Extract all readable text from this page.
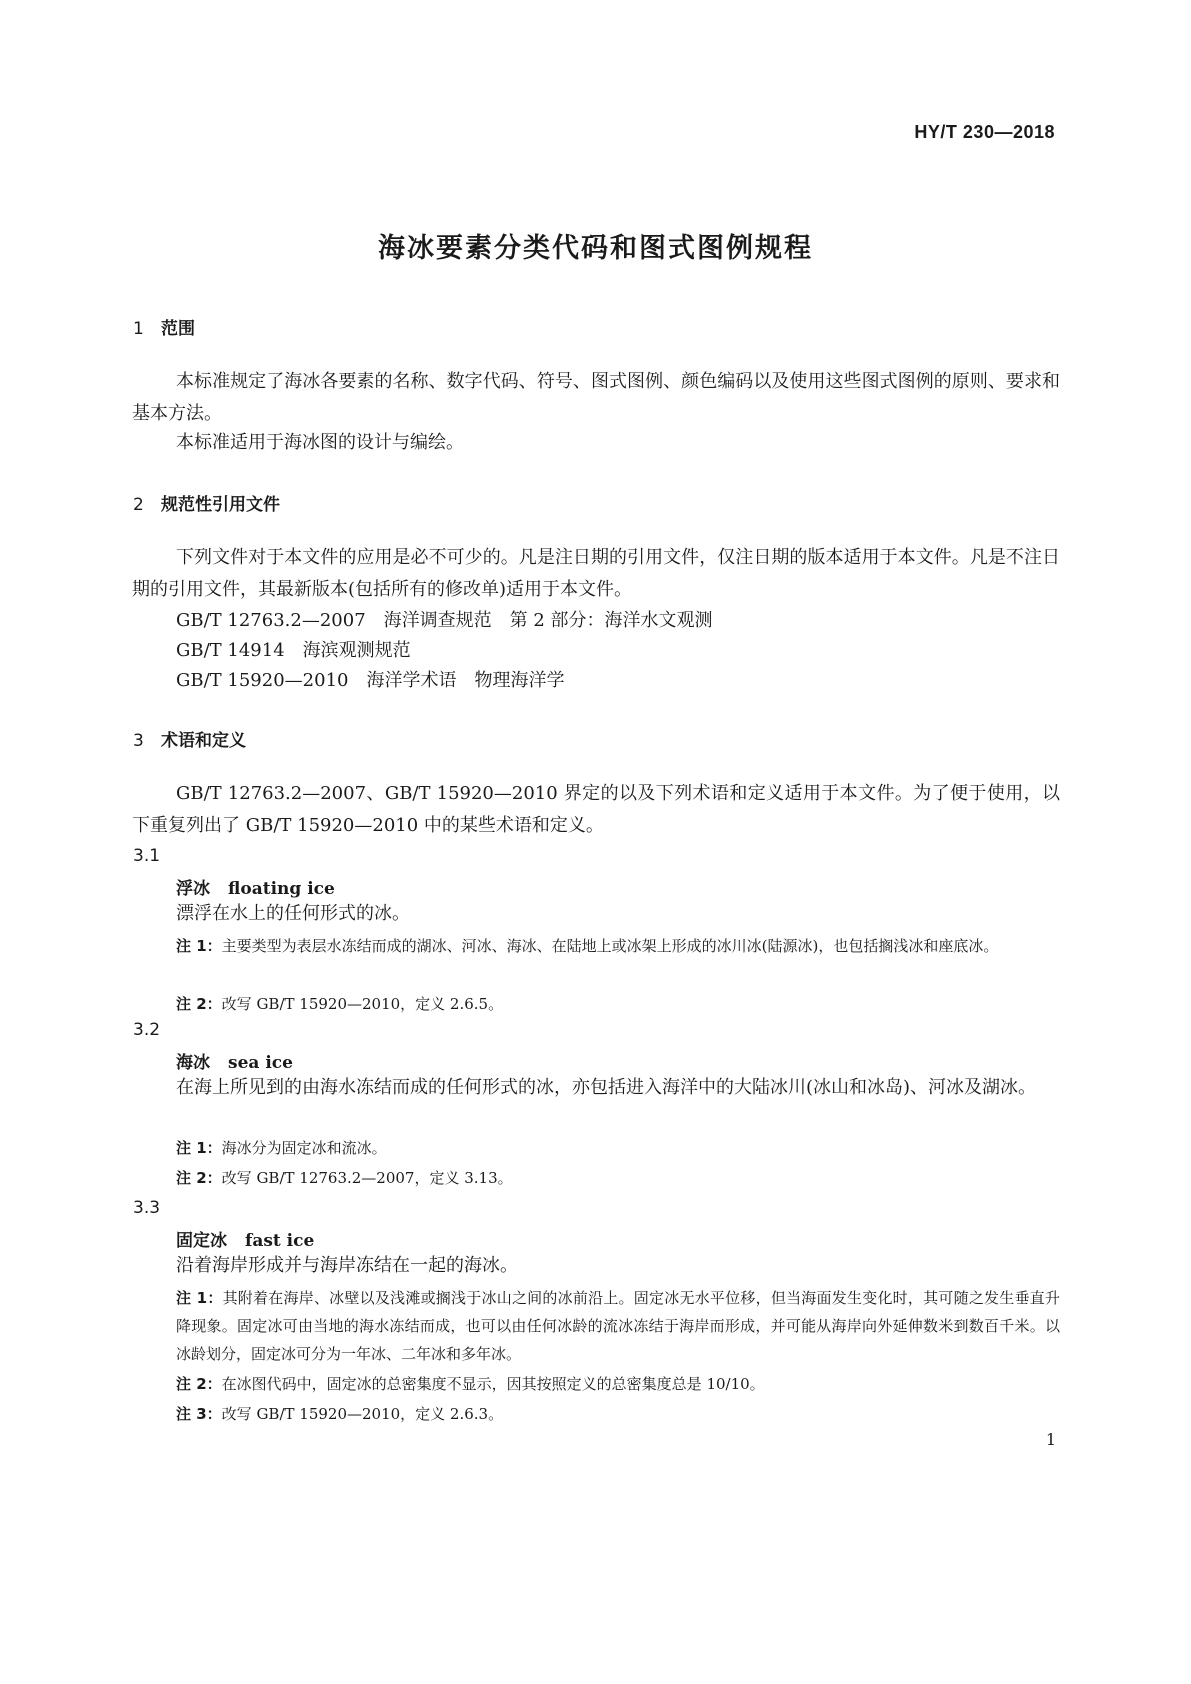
HY/T 230—2018
海冰要素分类代码和图式图例规程
1 范围
本标准规定了海冰各要素的名称、数字代码、符号、图式图例、颜色编码以及使用这些图式图例的原则、要求和基本方法。
本标准适用于海冰图的设计与编绘。
2 规范性引用文件
下列文件对于本文件的应用是必不可少的。凡是注日期的引用文件，仅注日期的版本适用于本文件。凡是不注日期的引用文件，其最新版本(包括所有的修改单)适用于本文件。
GB/T 12763.2—2007　海洋调查规范　第 2 部分：海洋水文观测
GB/T 14914　海滨观测规范
GB/T 15920—2010　海洋学术语　物理海洋学
3 术语和定义
GB/T 12763.2—2007、GB/T 15920—2010 界定的以及下列术语和定义适用于本文件。为了便于使用，以下重复列出了 GB/T 15920—2010 中的某些术语和定义。
3.1
浮冰 floating ice
漂浮在水上的任何形式的冰。
注 1：主要类型为表层水冻结而成的湖冰、河冰、海冰、在陆地上或冰架上形成的冰川冰(陆源冰)，也包括搁浅冰和座底冰。
注 2：改写 GB/T 15920—2010，定义 2.6.5。
3.2
海冰 sea ice
在海上所见到的由海水冻结而成的任何形式的冰，亦包括进入海洋中的大陆冰川(冰山和冰岛)、河冰及湖冰。
注 1：海冰分为固定冰和流冰。
注 2：改写 GB/T 12763.2—2007，定义 3.13。
3.3
固定冰 fast ice
沿着海岸形成并与海岸冻结在一起的海冰。
注 1：其附着在海岸、冰壁以及浅滩或搁浅于冰山之间的冰前沿上。固定冰无水平位移，但当海面发生变化时，其可随之发生垂直升降现象。固定冰可由当地的海水冻结而成，也可以由任何冰龄的流冰冻结于海岸而形成，并可能从海岸向外延伸数米到数百千米。以冰龄划分，固定冰可分为一年冰、二年冰和多年冰。
注 2：在冰图代码中，固定冰的总密集度不显示，因其按照定义的总密集度总是 10/10。
注 3：改写 GB/T 15920—2010，定义 2.6.3。
1
